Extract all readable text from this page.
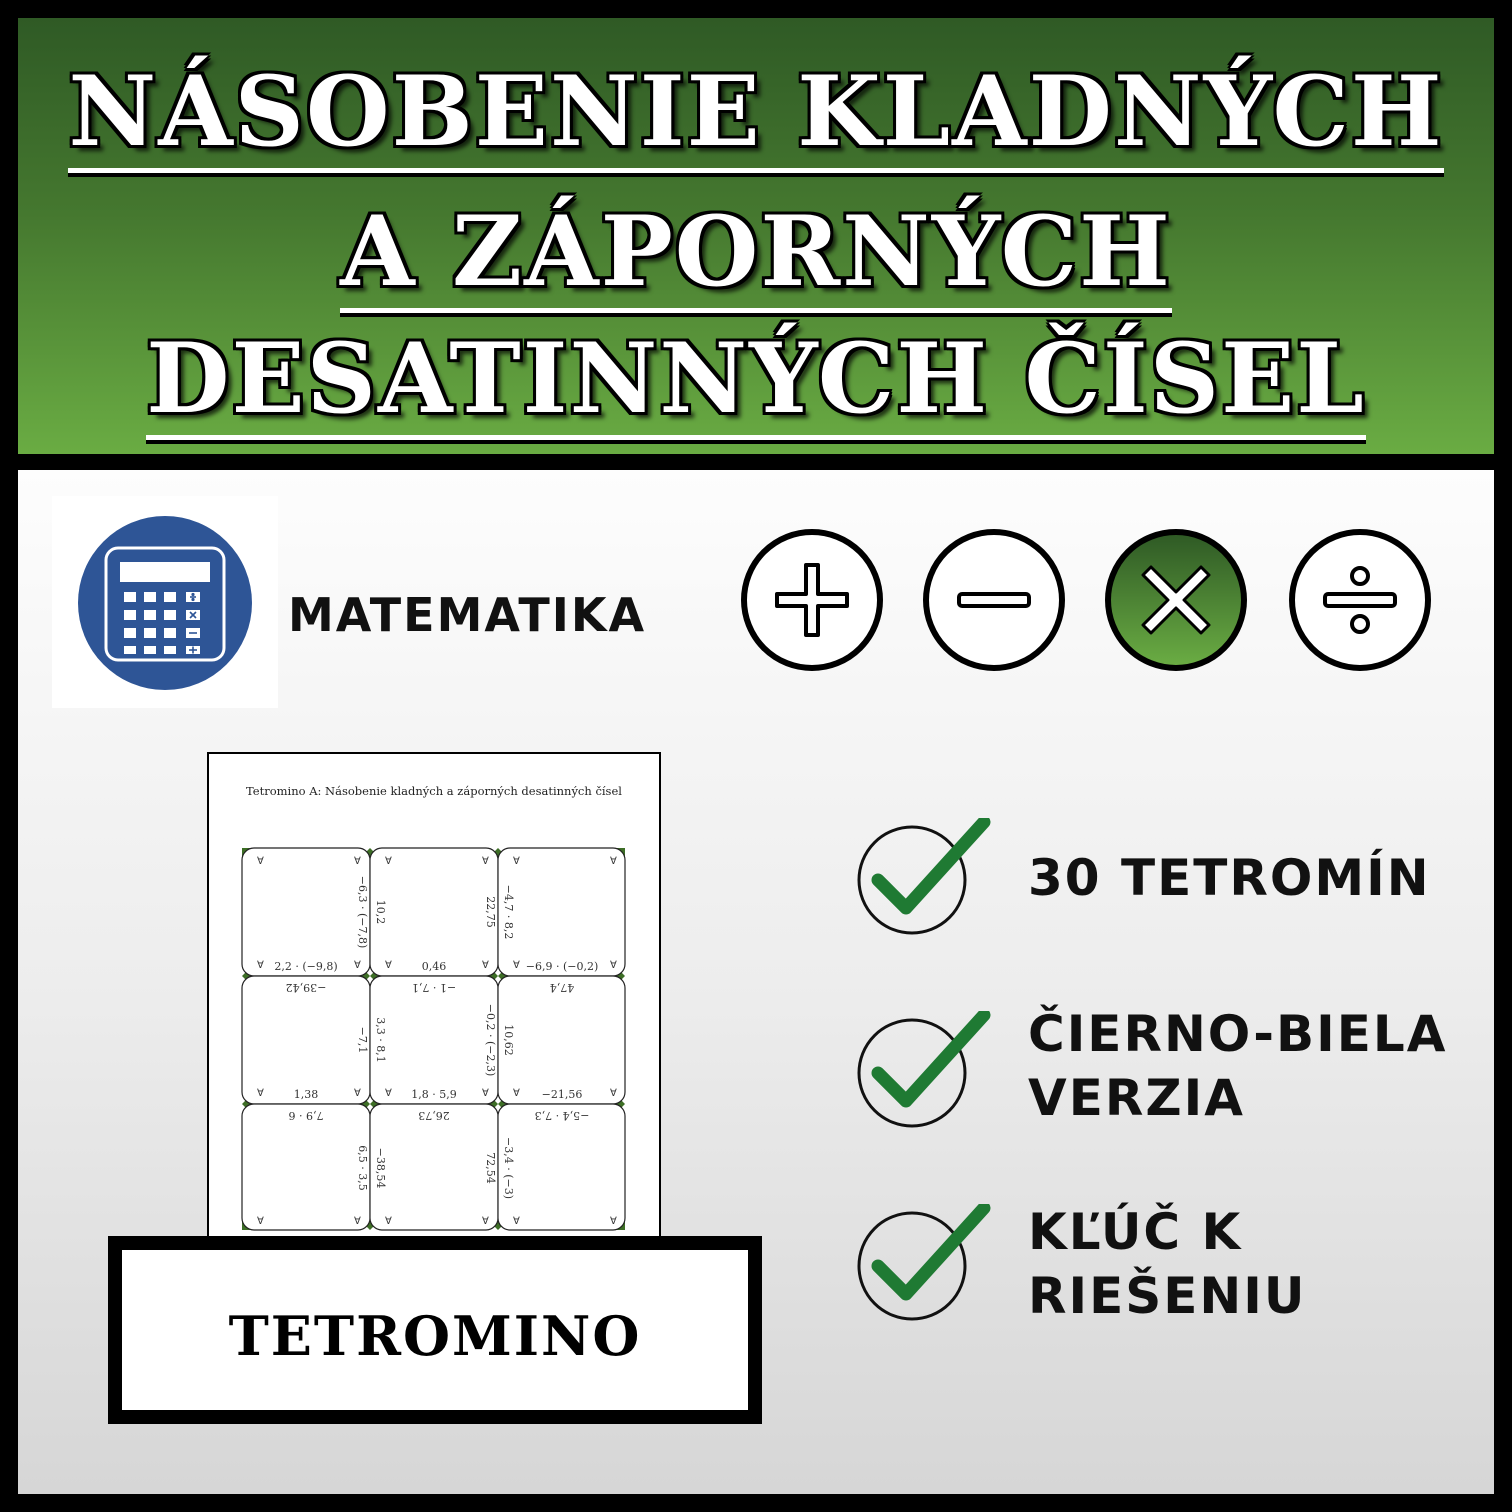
NÁSOBENIE KLADNÝCH
A ZÁPORNÝCH
DESATINNÝCH ČÍSEL
MATEMATIKA
Tetromino A: Násobenie kladných a záporných desatinných čísel
2,2 · (−9,8)
−6,3 · (−7,8) 10,2
0,46
22,75 −4,7 · 8,2
−6,9 · (−0,2)
−39,42
1,38
−7,1 3,3 · 8,1
−1 · 7,1
1,8 · 5,9
−0,2 · (−2,3) 10,62
47,4
−21,56
7,9 · 6
6,5 · 3,5 −38,54
26,73
72,54 −3,4 · (−3)
−5,4 · 7,3
∀	∀ ∀	∀ ∀	∀
∀	∀ ∀	∀ ∀	∀
∀	∀ ∀	∀ ∀	∀
∀	∀ ∀	∀ ∀	∀
TETROMINO
30 TETROMÍN
ČIERNO-BIELA
VERZIA
KĽÚČ K
RIEŠENIU
